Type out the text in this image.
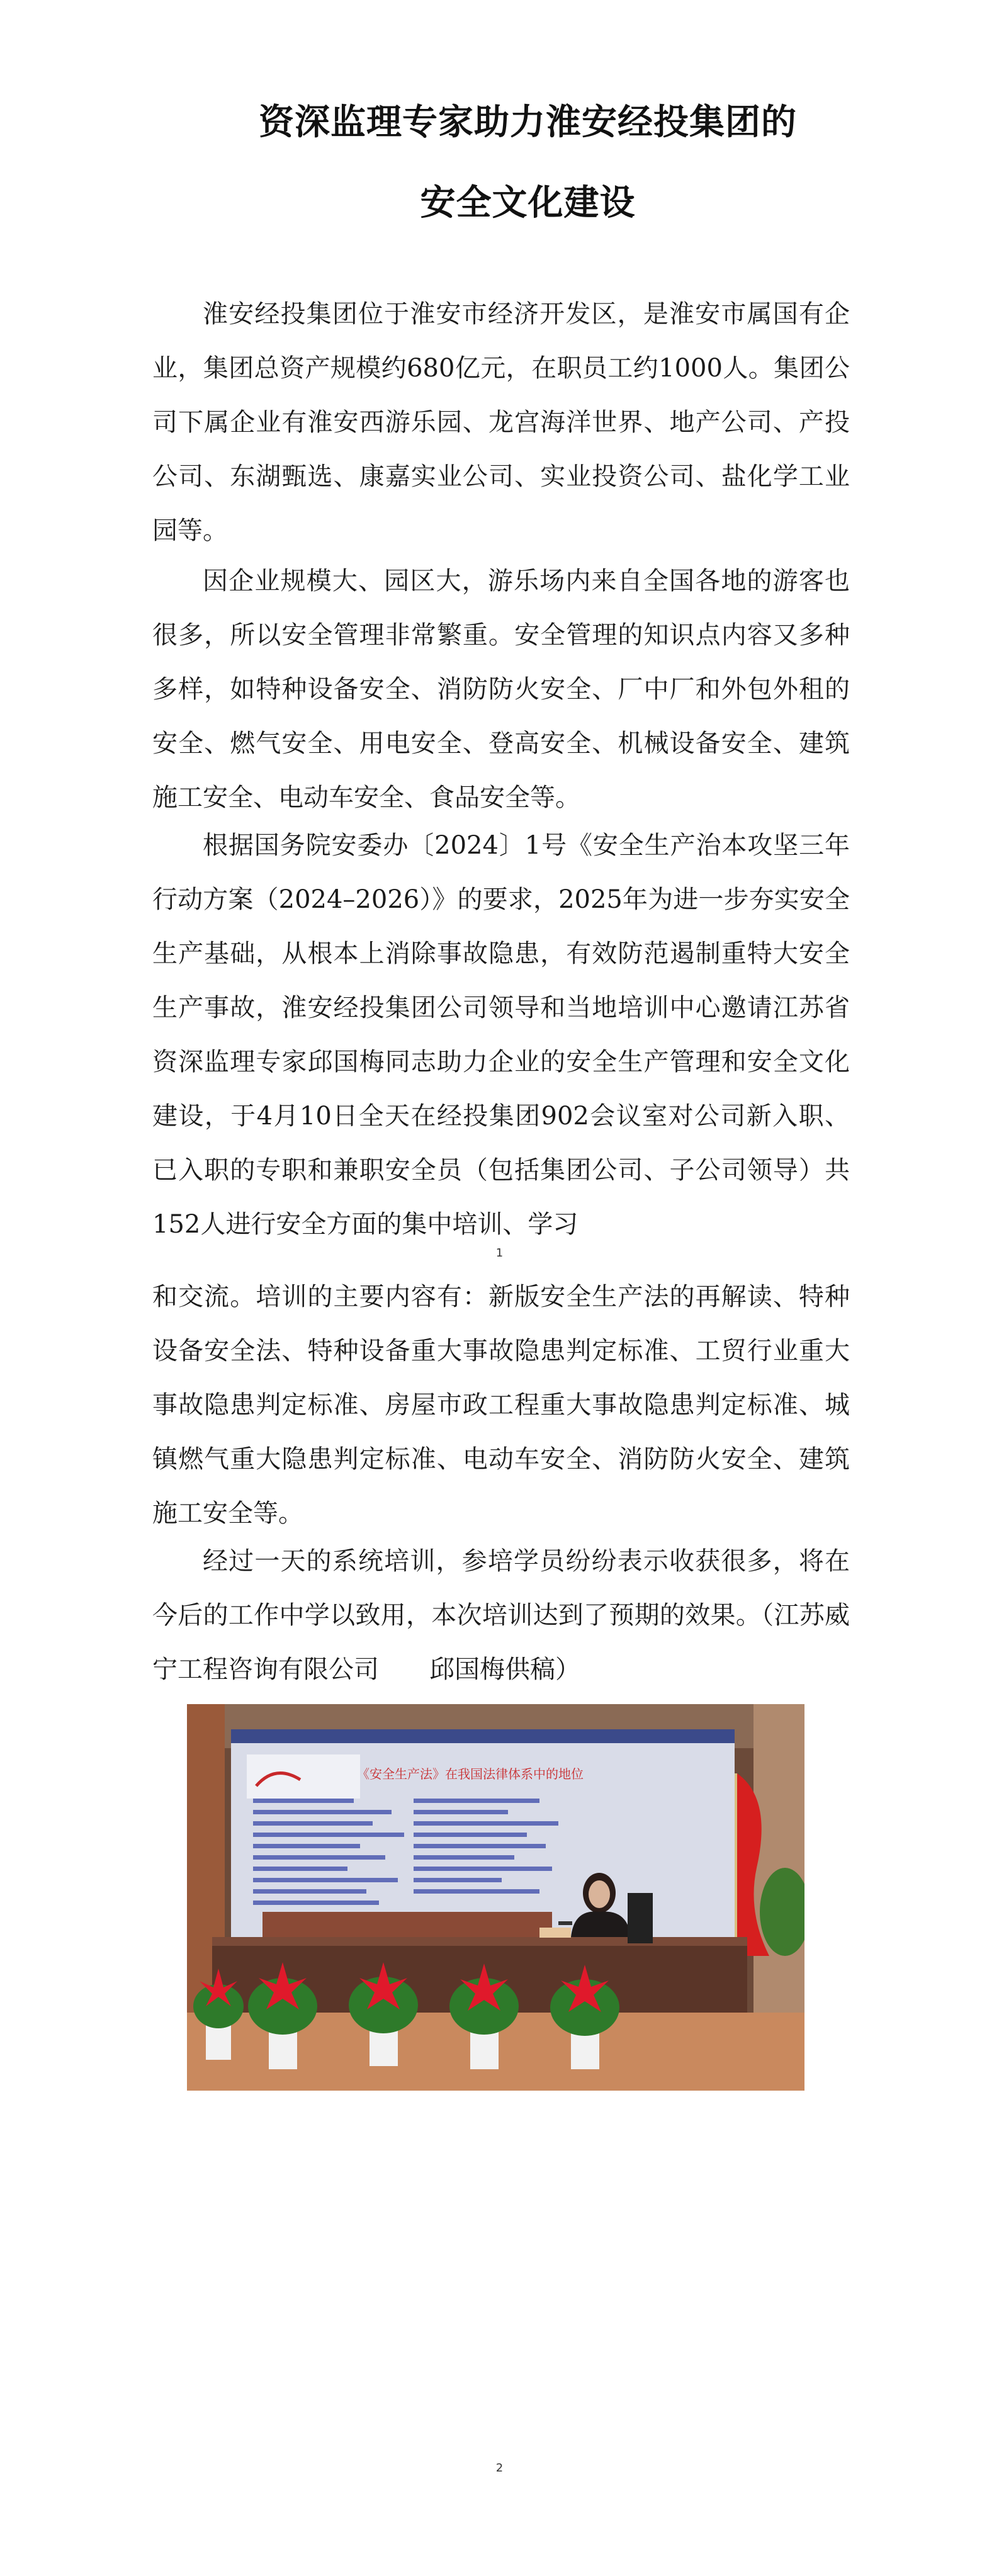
资深监理专家助力淮安经投集团的
安全文化建设

淮安经投集团位于淮安市经济开发区，是淮安市属国有企业，集团总资产规模约680亿元，在职员工约1000人。集团公司下属企业有淮安西游乐园、龙宫海洋世界、地产公司、产投公司、东湖甄选、康嘉实业公司、实业投资公司、盐化学工业园等。

因企业规模大、园区大，游乐场内来自全国各地的游客也很多，所以安全管理非常繁重。安全管理的知识点内容又多种多样，如特种设备安全、消防防火安全、厂中厂和外包外租的安全、燃气安全、用电安全、登高安全、机械设备安全、建筑施工安全、电动车安全、食品安全等。

根据国务院安委办〔2024〕1号《安全生产治本攻坚三年行动方案（2024–2026）》的要求，2025年为进一步夯实安全生产基础，从根本上消除事故隐患，有效防范遏制重特大安全生产事故，淮安经投集团公司领导和当地培训中心邀请江苏省资深监理专家邱国梅同志助力企业的安全生产管理和安全文化建设，于4月10日全天在经投集团902会议室对公司新入职、已入职的专职和兼职安全员（包括集团公司、子公司领导）共152人进行安全方面的集中培训、学习

1

和交流。培训的主要内容有：新版安全生产法的再解读、特种设备安全法、特种设备重大事故隐患判定标准、工贸行业重大事故隐患判定标准、房屋市政工程重大事故隐患判定标准、城镇燃气重大隐患判定标准、电动车安全、消防防火安全、建筑施工安全等。

经过一天的系统培训，参培学员纷纷表示收获很多，将在今后的工作中学以致用，本次培训达到了预期的效果。（江苏威宁工程咨询有限公司　　邱国梅供稿）

《安全生产法》在我国法律体系中的地位
2
